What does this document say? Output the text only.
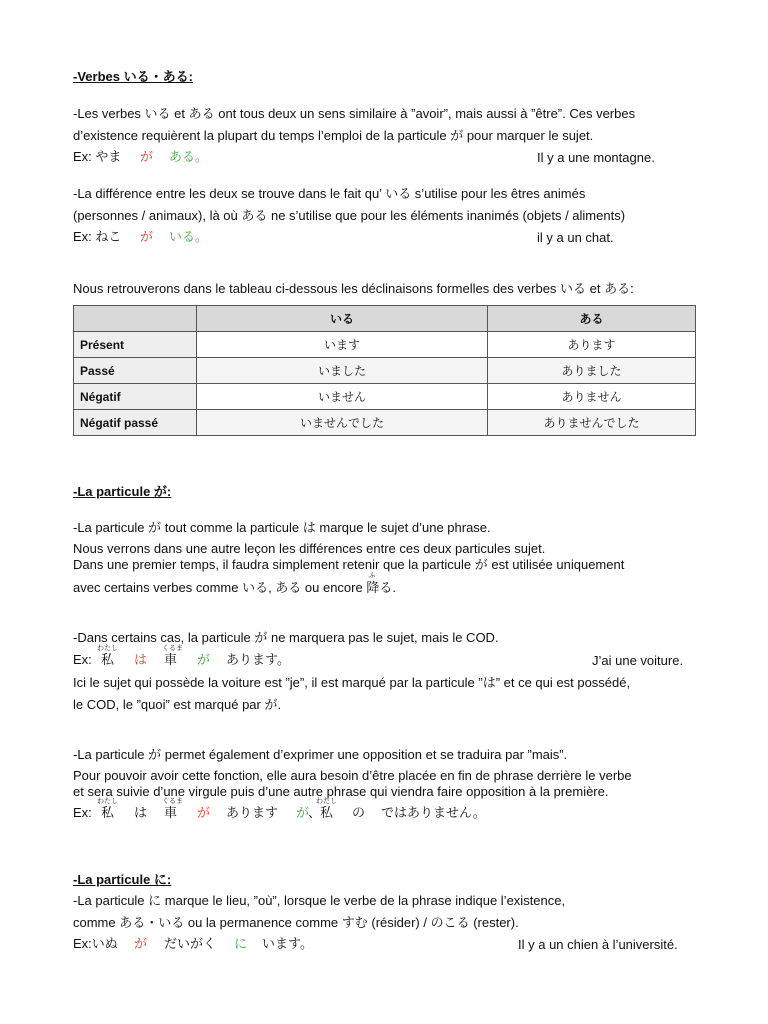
-Verbes いる・ある:
-Les verbes いる et ある ont tous deux un sens similaire à ”avoir”, mais aussi à ”être”. Ces verbes
d’existence requièrent la plupart du temps l’emploi de la particule が pour marquer le sujet.
Ex: やま が ある。	Il y a une montagne.
-La différence entre les deux se trouve dans le fait qu’ いる s’utilise pour les êtres animés
(personnes / animaux), là où ある ne s’utilise que pour les éléments inanimés (objets / aliments)
Ex: ねこ が いる。	il y a un chat.
Nous retrouverons dans le tableau ci-dessous les déclinaisons formelles des verbes いる et ある:
	いる	ある
Présent	います	あります
Passé	いました	ありました
Négatif	いません	ありません
Négatif passé	いませんでした	ありませんでした
-La particule が:
-La particule が tout comme la particule は marque le sujet d’une phrase.
Nous verrons dans une autre leçon les différences entre ces deux particules sujet.
Dans une premier temps, il faudra simplement retenir que la particule が est utilisée uniquement
avec certains verbes comme いる, ある ou encore
ふ
降る.
-Dans certains cas, la particule が ne marquera pas le sujet, mais le COD.
わたし	くるま
Ex: 私 は 車 が あります。	J’ai une voiture.
Ici le sujet qui possède la voiture est ”je”, il est marqué par la particule ”は” et ce qui est possédé,
le COD, le ”quoi” est marqué par が.
-La particule が permet également d’exprimer une opposition et se traduira par ”mais”.
Pour pouvoir avoir cette fonction, elle aura besoin d’être placée en fin de phrase derrière le verbe
et sera suivie d’une virgule puis d’une autre phrase qui viendra faire opposition à la première.
わたし	くるま	わたし
Ex: 私 は 車 が あります が
、
私 の ではありません。
-La particule に:
-La particule に marque le lieu, ”où”, lorsque le verbe de la phrase indique l’existence,
comme ある・いる ou la permanence comme すむ (résider) / のこる (rester).
Ex:いぬ が だいがく に います。	Il y a un chien à l’université.
